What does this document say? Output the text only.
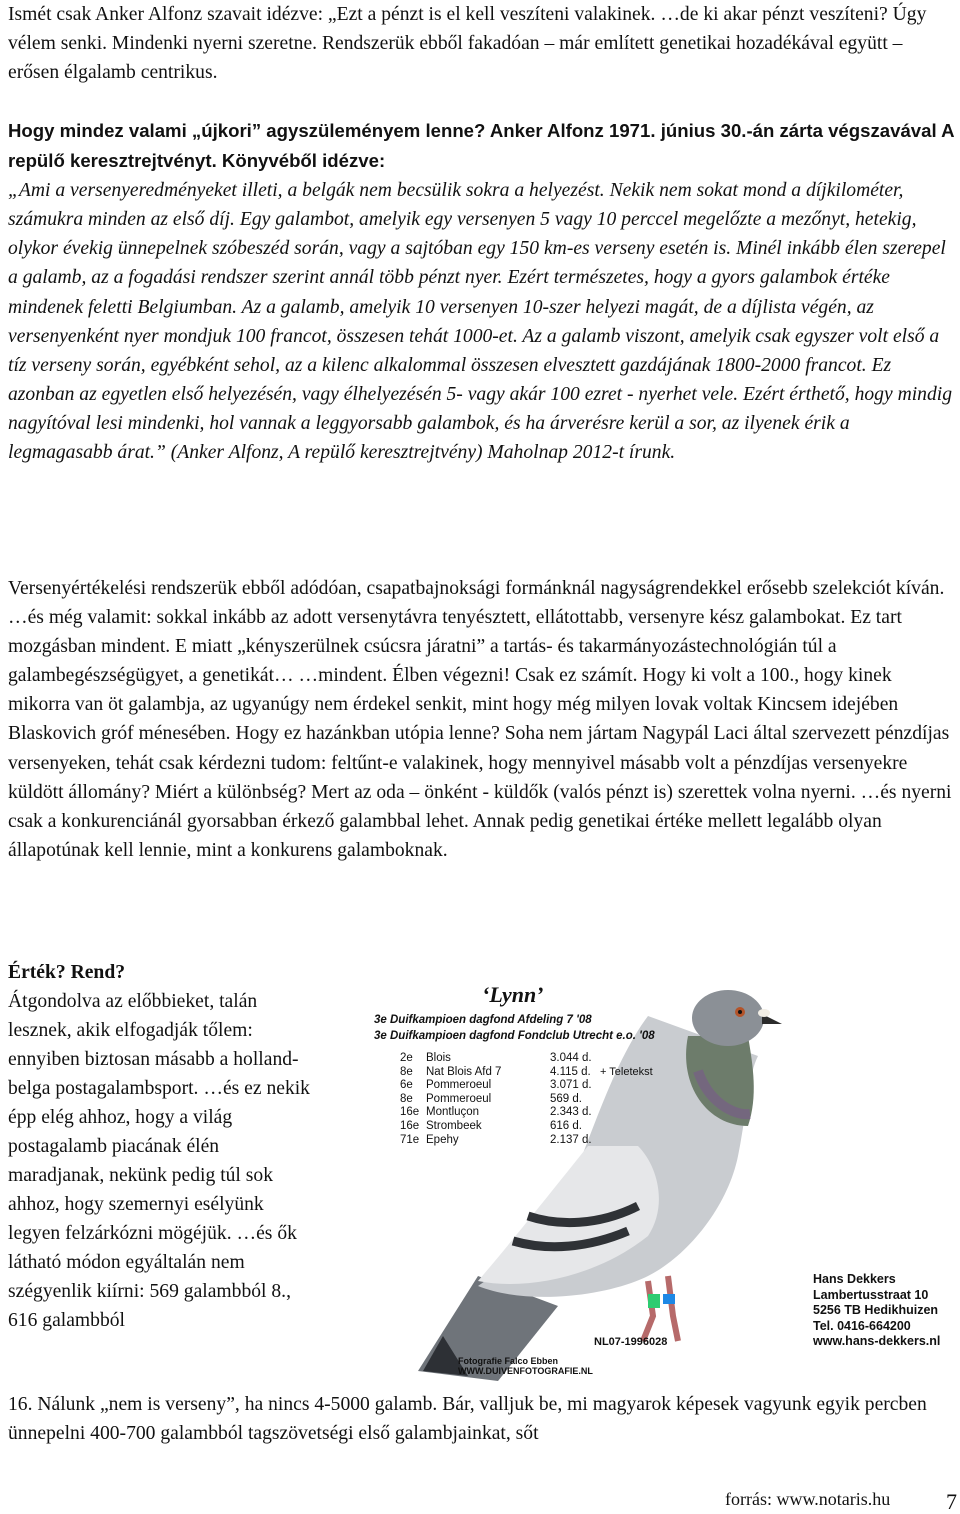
Ismét csak Anker Alfonz szavait idézve: „Ezt a pénzt is el kell veszíteni valakinek. …de ki akar pénzt veszíteni? Úgy vélem senki. Mindenki nyerni szeretne. Rendszerük ebből fakadóan – már említett genetikai hozadékával együtt – erősen élgalamb centrikus.

Hogy mindez valami „újkori” agyszüleményem lenne? Anker Alfonz 1971. június 30.-án zárta végszavával A repülő keresztrejtvényt. Könyvéből idézve:
„Ami a versenyeredményeket illeti, a belgák nem becsülik sokra a helyezést. Nekik nem sokat mond a díjkilométer, számukra minden az első díj. Egy galambot, amelyik egy versenyen 5 vagy 10 perccel megelőzte a mezőnyt, hetekig, olykor évekig ünnepelnek szóbeszéd során, vagy a sajtóban egy 150 km-es verseny esetén is. Minél inkább élen szerepel a galamb, az a fogadási rendszer szerint annál több pénzt nyer. Ezért természetes, hogy a gyors galambok értéke mindenek feletti Belgiumban. Az a galamb, amelyik 10 versenyen 10-szer helyezi magát, de a díjlista végén, az versenyenként nyer mondjuk 100 francot, összesen tehát 1000-et. Az a galamb viszont, amelyik csak egyszer volt első a tíz verseny során, egyébként sehol, az a kilenc alkalommal összesen elvesztett gazdájának 1800-2000 francot. Ez azonban az egyetlen első helyezésén, vagy élhelyezésén 5- vagy akár 100 ezret - nyerhet vele. Ezért érthető, hogy mindig nagyítóval lesi mindenki, hol vannak a leggyorsabb galambok, és ha árverésre kerül a sor, az ilyenek érik a legmagasabb árat.” (Anker Alfonz, A repülő keresztrejtvény) Maholnap 2012-t írunk.

Versenyértékelési rendszerük ebből adódóan, csapatbajnoksági formánknál nagyságrendekkel erősebb szelekciót kíván. …és még valamit: sokkal inkább az adott versenytávra tenyésztett, ellátottabb, versenyre kész galambokat. Ez tart mozgásban mindent. E miatt „kényszerülnek csúcsra járatni” a tartás- és takarmányozástechnológián túl a galambegészségügyet, a genetikát… …mindent. Élben végezni! Csak ez számít. Hogy ki volt a 100., hogy kinek mikorra van öt galambja, az ugyanúgy nem érdekel senkit, mint hogy még milyen lovak voltak Kincsem idejében Blaskovich gróf ménesében. Hogy ez hazánkban utópia lenne? Soha nem jártam Nagypál Laci által szervezett pénzdíjas versenyeken, tehát csak kérdezni tudom: feltűnt-e valakinek, hogy mennyivel másabb volt a pénzdíjas versenyekre küldött állomány? Miért a különbség? Mert az oda – önként - küldők (valós pénzt is) szerettek volna nyerni. …és nyerni csak a konkurenciánál gyorsabban érkező galambbal lehet. Annak pedig genetikai értéke mellett legalább olyan állapotúnak kell lennie, mint a konkurens galamboknak.

Érték? Rend?

Átgondolva az előbbieket, talán lesznek, akik elfogadják tőlem: ennyiben biztosan másabb a holland-belga postagalambsport. …és ez nekik épp elég ahhoz, hogy a világ postagalamb piacának élén maradjanak, nekünk pedig túl sok ahhoz, hogy szemernyi esélyünk legyen felzárkózni mögéjük. …és ők látható módon egyáltalán nem szégyenlik kiírni: 569 galambból 8., 616 galambból

16. Nálunk „nem is verseny”, ha nincs 4-5000 galamb. Bár, valljuk be, mi magyarok képesek vagyunk egyik percben ünnepelni 400-700 galambból tagszövetségi első galambjainkat, sőt

‘Lynn’
3e Duifkampioen dagfond Afdeling 7 '08
3e Duifkampioen dagfond Fondclub Utrecht e.o. '08
2e Blois	3.044 d.
8e Nat Blois Afd 7	4.115 d.
6e Pommeroeul	3.071 d.
8e Pommeroeul	569 d.
16e Montluçon	2.343 d.
16e Strombeek	616 d.
71e Epehy	2.137 d.
+ Teletekst
Hans Dekkers
Lambertusstraat 10
5256 TB Hedikhuizen
Tel. 0416-664200
www.hans-dekkers.nl
NL07-1996028
Fotografie Falco Ebben
WWW.DUIVENFOTOGRAFIE.NL
forrás: www.notaris.hu	7
